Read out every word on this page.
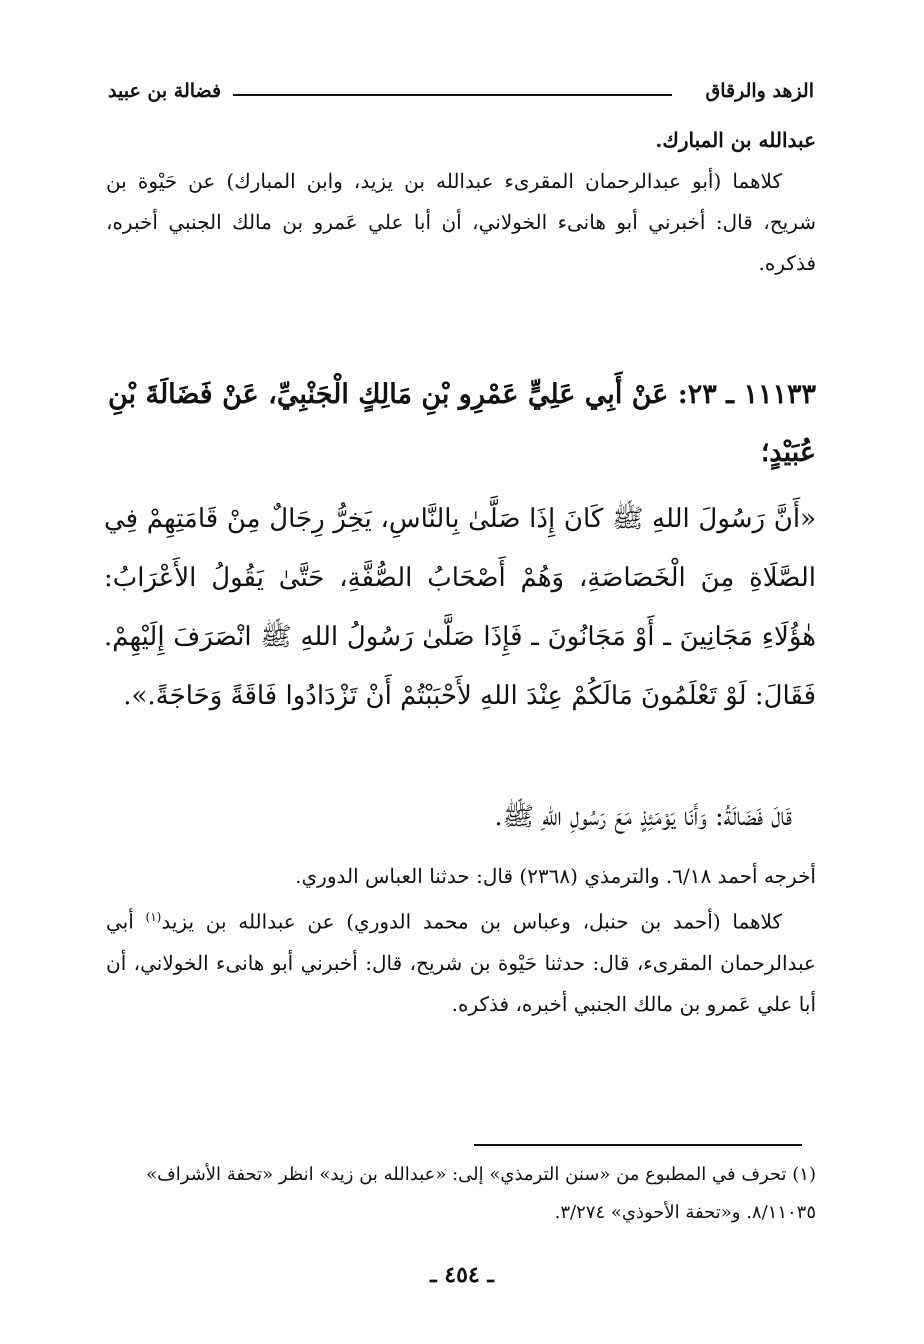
الزهد والرقاق
فضالة بن عبيد

عبدالله بن المبارك.

كلاهما (أبو عبدالرحمان المقرىء عبدالله بن يزيد، وابن المبارك) عن حَيْوة بن شريح، قال: أخبرني أبو هانىء الخولاني، أن أبا علي عَمرو بن مالك الجنبي أخبره، فذكره.

١١١٣٣ ـ ٢٣: عَنْ أَبِي عَلِيٍّ عَمْرِو بْنِ مَالِكٍ الْجَنْبِيِّ، عَنْ فَضَالَةَ بْنِ عُبَيْدٍ؛

«أَنَّ رَسُولَ اللهِ ﷺ كَانَ إِذَا صَلَّىٰ بِالنَّاسِ، يَخِرُّ رِجَالٌ مِنْ قَامَتِهِمْ فِي الصَّلَاةِ مِنَ الْخَصَاصَةِ، وَهُمْ أَصْحَابُ الصُّفَّةِ، حَتَّىٰ يَقُولُ الأَعْرَابُ: هٰؤُلَاءِ مَجَانِينَ ـ أَوْ مَجَانُونَ ـ فَإِذَا صَلَّىٰ رَسُولُ اللهِ ﷺ انْصَرَفَ إِلَيْهِمْ. فَقَالَ: لَوْ تَعْلَمُونَ مَالَكُمْ عِنْدَ اللهِ لأَحْبَبْتُمْ أَنْ تَزْدَادُوا فَاقَةً وَحَاجَةً.».

قَالَ فَضَالَةُ: وَأَنَا يَوْمَئِذٍ مَعَ رَسُولِ اللهِ ﷺ.

أخرجه أحمد ٦/١٨. والترمذي (٢٣٦٨) قال: حدثنا العباس الدوري.

كلاهما (أحمد بن حنبل، وعباس بن محمد الدوري) عن عبدالله بن يزيد$^{(١)}$ أبي عبدالرحمان المقرىء، قال: حدثنا حَيْوة بن شريح، قال: أخبرني أبو هانىء الخولاني، أن أبا علي عَمرو بن مالك الجنبي أخبره، فذكره.

(١) تحرف في المطبوع من «سنن الترمذي» إلى: «عبدالله بن زيد» انظر «تحفة الأشراف» ٨/١١٠٣٥. و«تحفة الأحوذي» ٣/٢٧٤.

ـ ٤٥٤ ـ
